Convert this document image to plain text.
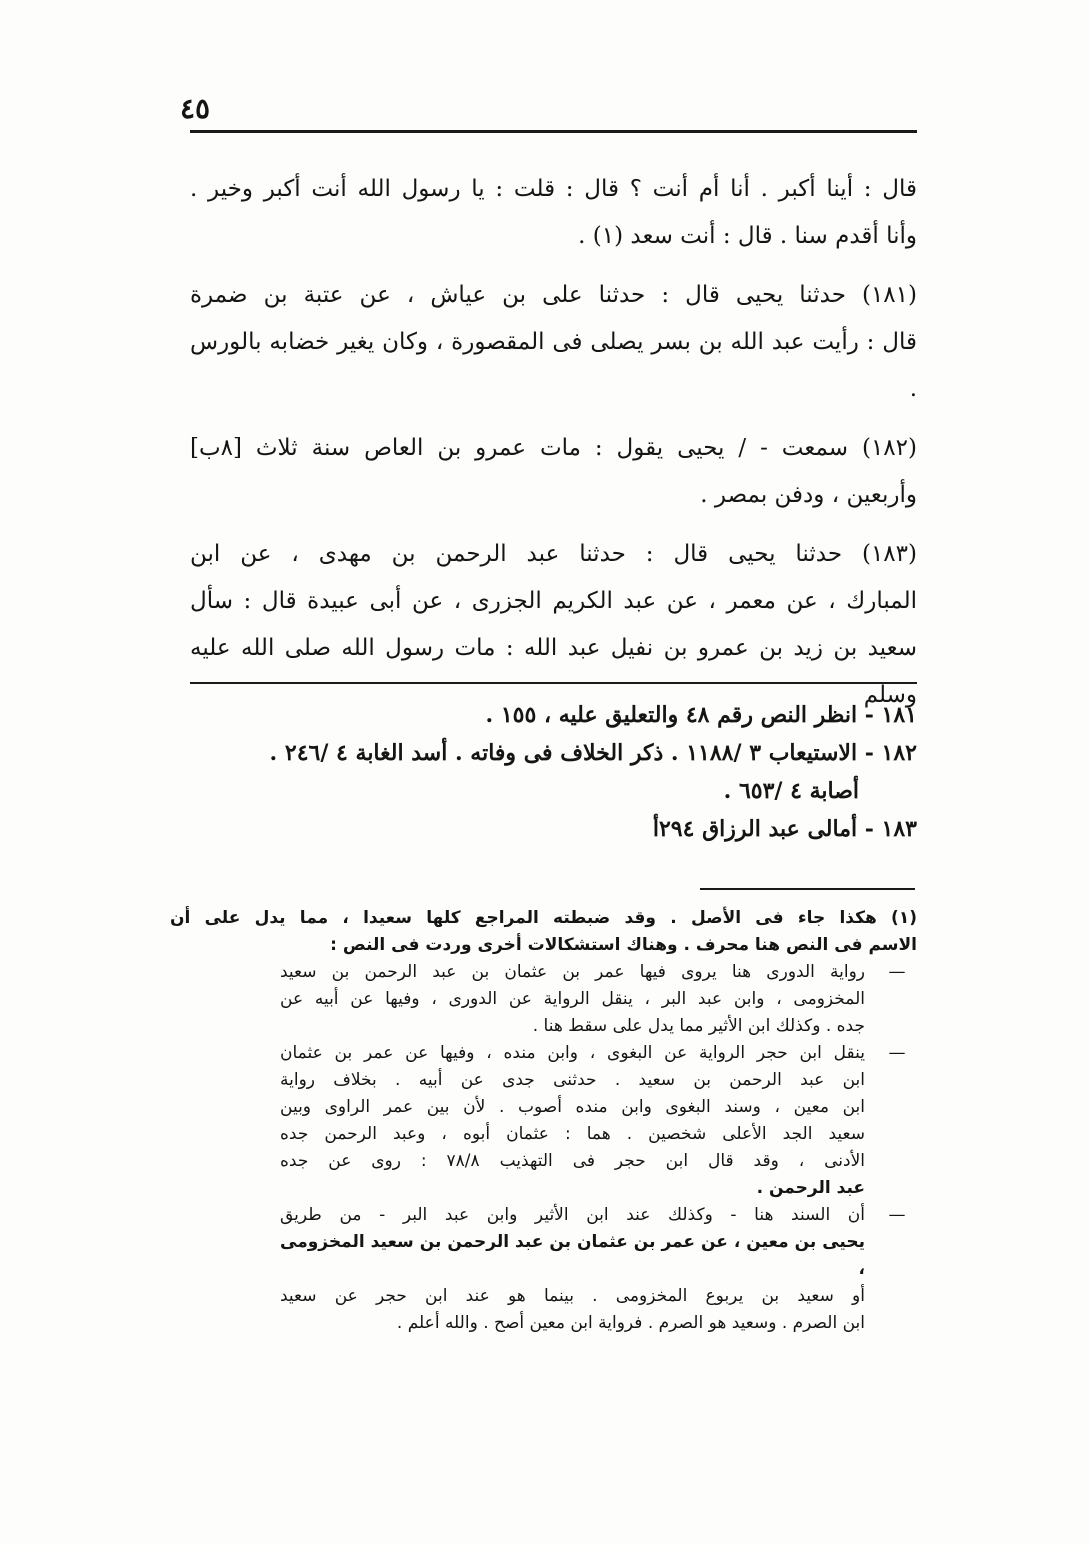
٤٥
قال : أينا أكبر . أنا أم أنت ؟ قال : قلت : يا رسول الله أنت أكبر وخير .
وأنا أقدم سنا . قال : أنت سعد (١) .
(١٨١) حدثنا يحيى قال : حدثنا على بن عياش ، عن عتبة بن ضمرة
قال : رأيت عبد الله بن بسر يصلى فى المقصورة ، وكان يغير خضابه بالورس .
(١٨٢) سمعت - / يحيى يقول : مات عمرو بن العاص سنة ثلاث [٨ب]
وأربعين ، ودفن بمصر .
(١٨٣) حدثنا يحيى قال : حدثنا عبد الرحمن بن مهدى ، عن ابن
المبارك ، عن معمر ، عن عبد الكريم الجزرى ، عن أبى عبيدة قال : سأل
سعيد بن زيد بن عمرو بن نفيل عبد الله : مات رسول الله صلى الله عليه وسلم
١٨١ - انظر النص رقم ٤٨ والتعليق عليه ، ١٥٥ .
١٨٢ - الاستيعاب ٣ /١١٨٨ . ذكر الخلاف فى وفاته . أسد الغابة ٤ /٢٤٦ .
أصابة ٤ /٦٥٣ .
١٨٣ - أمالى عبد الرزاق ٢٩٤أ
(١) هكذا جاء فى الأصل . وقد ضبطته المراجع كلها سعيدا ، مما يدل على أن
الاسم فى النص هنا محرف . وهناك استشكالات أخرى وردت فى النص :
—
رواية الدورى هنا يروى فيها عمر بن عثمان بن عبد الرحمن بن سعيد
المخزومى ، وابن عبد البر ، ينقل الرواية عن الدورى ، وفيها عن أبيه عن
جده . وكذلك ابن الأثير مما يدل على سقط هنا .
—
ينقل ابن حجر الرواية عن البغوى ، وابن منده ، وفيها عن عمر بن عثمان
ابن عبد الرحمن بن سعيد . حدثنى جدى عن أبيه . بخلاف رواية
ابن معين ، وسند البغوى وابن منده أصوب . لأن بين عمر الراوى وبين
سعيد الجد الأعلى شخصين . هما : عثمان أبوه ، وعبد الرحمن جده
الأدنى ، وقد قال ابن حجر فى التهذيب ٧٨/٨ : روى عن جده
عبد الرحمن .
—
أن السند هنا - وكذلك عند ابن الأثير وابن عبد البر - من طريق
يحيى بن معين ، عن عمر بن عثمان بن عبد الرحمن بن سعيد المخزومى ،
أو سعيد بن يربوع المخزومى . بينما هو عند ابن حجر عن سعيد
ابن الصرم . وسعيد هو الصرم . فرواية ابن معين أصح . والله أعلم .
